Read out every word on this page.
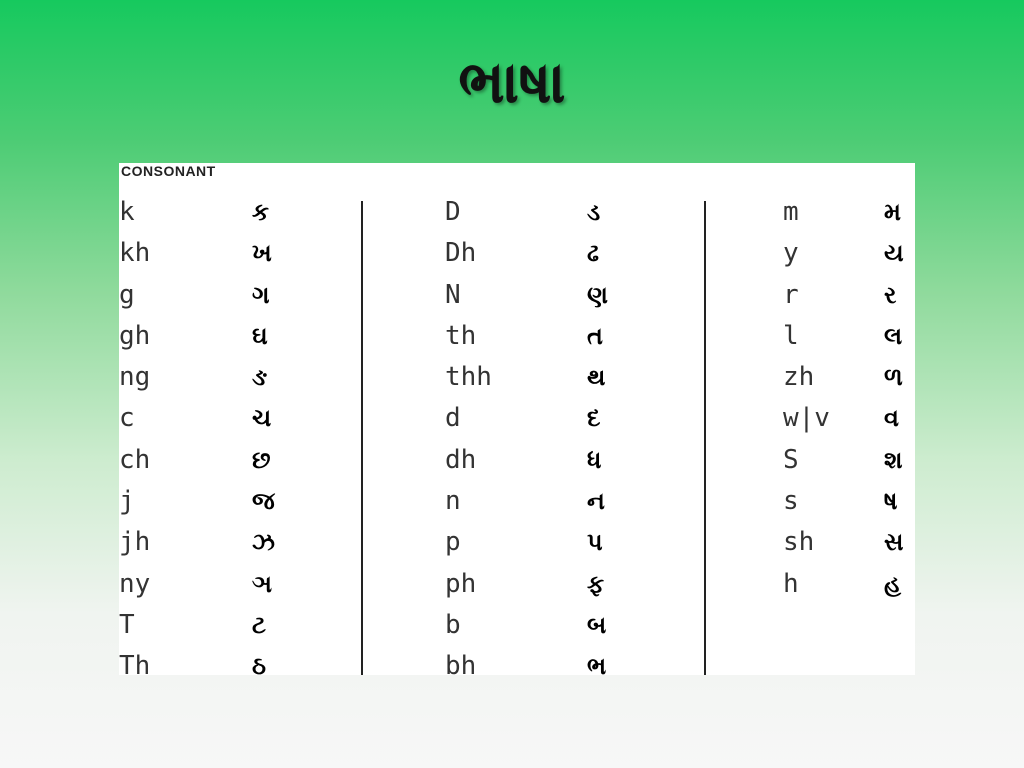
ભાષા
CONSONANT
k	ક
kh	ખ
g	ગ
gh	ઘ
ng	ઙ
c	ચ
ch	છ
j	જ
jh	ઝ
ny	ઞ
T	ટ
Th	ઠ
D	ડ
Dh	ઢ
N	ણ
th	ત
thh	થ
d	દ
dh	ધ
n	ન
p	પ
ph	ફ
b	બ
bh	ભ
m	મ
y	ય
r	ર
l	લ
zh	ળ
w|v વ
S	શ
s	ષ
sh	સ
h	હ
